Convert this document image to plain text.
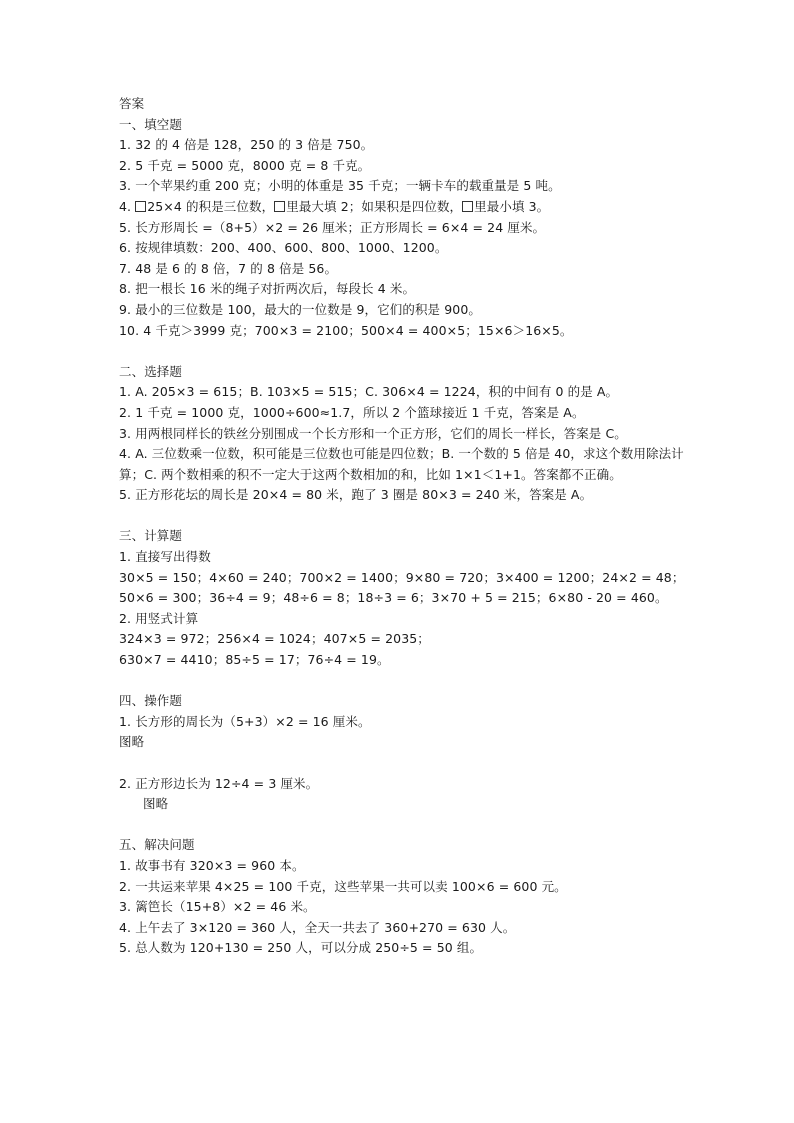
答案
一、填空题
1. 32 的 4 倍是 128，250 的 3 倍是 750。
2. 5 千克 = 5000 克，8000 克 = 8 千克。
3. 一个苹果约重 200 克；小明的体重是 35 千克；一辆卡车的载重量是 5 吨。
4. 25×4 的积是三位数， 里最大填 2；如果积是四位数， 里最小填 3。
5. 长方形周长 =（8+5）×2 = 26 厘米；正方形周长 = 6×4 = 24 厘米。
6. 按规律填数：200、400、600、800、1000、1200。
7. 48 是 6 的 8 倍，7 的 8 倍是 56。
8. 把一根长 16 米的绳子对折两次后，每段长 4 米。
9. 最小的三位数是 100，最大的一位数是 9，它们的积是 900。
10. 4 千克＞3999 克；700×3 = 2100；500×4 = 400×5；15×6＞16×5。
二、选择题
1. A. 205×3 = 615；B. 103×5 = 515；C. 306×4 = 1224，积的中间有 0 的是 A。
2. 1 千克 = 1000 克，1000÷600≈1.7，所以 2 个篮球接近 1 千克，答案是 A。
3. 用两根同样长的铁丝分别围成一个长方形和一个正方形，它们的周长一样长，答案是 C。
4. A. 三位数乘一位数，积可能是三位数也可能是四位数；B. 一个数的 5 倍是 40，求这个数用除法计算；C. 两个数相乘的积不一定大于这两个数相加的和，比如 1×1＜1+1。答案都不正确。
5. 正方形花坛的周长是 20×4 = 80 米，跑了 3 圈是 80×3 = 240 米，答案是 A。
三、计算题
1. 直接写出得数
30×5 = 150；4×60 = 240；700×2 = 1400；9×80 = 720；3×400 = 1200；24×2 = 48；
50×6 = 300；36÷4 = 9；48÷6 = 8；18÷3 = 6；3×70 + 5 = 215；6×80 - 20 = 460。
2. 用竖式计算
324×3 = 972；256×4 = 1024；407×5 = 2035；
630×7 = 4410；85÷5 = 17；76÷4 = 19。
四、操作题
1. 长方形的周长为（5+3）×2 = 16 厘米。
图略
2. 正方形边长为 12÷4 = 3 厘米。
图略
五、解决问题
1. 故事书有 320×3 = 960 本。
2. 一共运来苹果 4×25 = 100 千克，这些苹果一共可以卖 100×6 = 600 元。
3. 篱笆长（15+8）×2 = 46 米。
4. 上午去了 3×120 = 360 人，全天一共去了 360+270 = 630 人。
5. 总人数为 120+130 = 250 人，可以分成 250÷5 = 50 组。
